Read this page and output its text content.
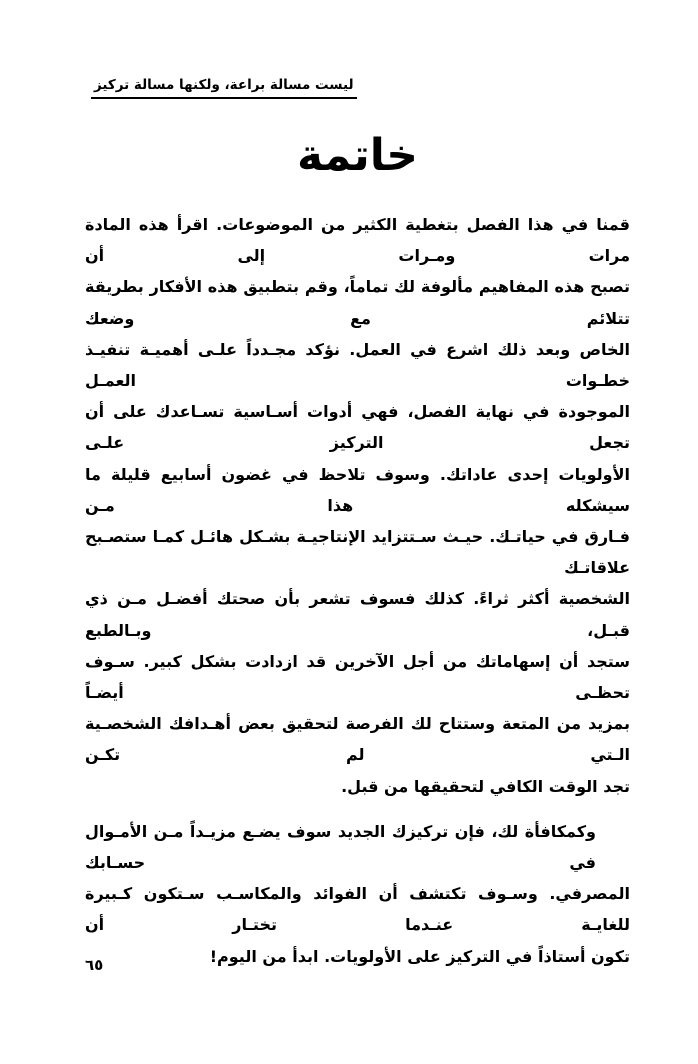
ليست مسالة براعة، ولكنها مسالة تركيز
خاتمة
قمنا في هذا الفصل بتغطية الكثير من الموضوعات. اقرأ هذه المادة مرات ومـرات إلى أن
تصبح هذه المفاهيم مألوفة لك تماماً، وقم بتطبيق هذه الأفكار بطريقة تتلائم مع وضعك
الخاص وبعد ذلك اشرع في العمل. نؤكد مجـدداً علـى أهميـة تنفيـذ خطـوات العمـل
الموجودة في نهاية الفصل، فهي أدوات أسـاسية تسـاعدك على أن تجعل التركيز علـى
الأولويات إحدى عاداتك. وسوف تلاحظ في غضون أسابيع قليلة ما سيشكله هذا مـن
فـارق في حياتـك. حيـث سـتتزايد الإنتاجيـة بشـكل هائـل كمـا ستصـبح علاقاتـك
الشخصية أكثر ثراءً. كذلك فسوف تشعر بأن صحتك أفضـل مـن ذي قبـل، وبـالطبع
ستجد أن إسهاماتك من أجل الآخرين قد ازدادت بشكل كبير. سـوف تحظـى أيضـاً
بمزيد من المتعة وستتاح لك الفرصة لتحقيق بعض أهـدافك الشخصـية الـتي لم تكـن
تجد الوقت الكافي لتحقيقها من قبل.
وكمكافأة لك، فإن تركيزك الجديد سوف يضـع مزيـداً مـن الأمـوال في حسـابك
المصرفي. وسـوف تكتشف أن الفوائد والمكاسـب سـتكون كـبيرة للغايـة عنـدما تختـار أن
تكون أستاذاً في التركيز على الأولويات. ابدأ من اليوم!
٦٥
